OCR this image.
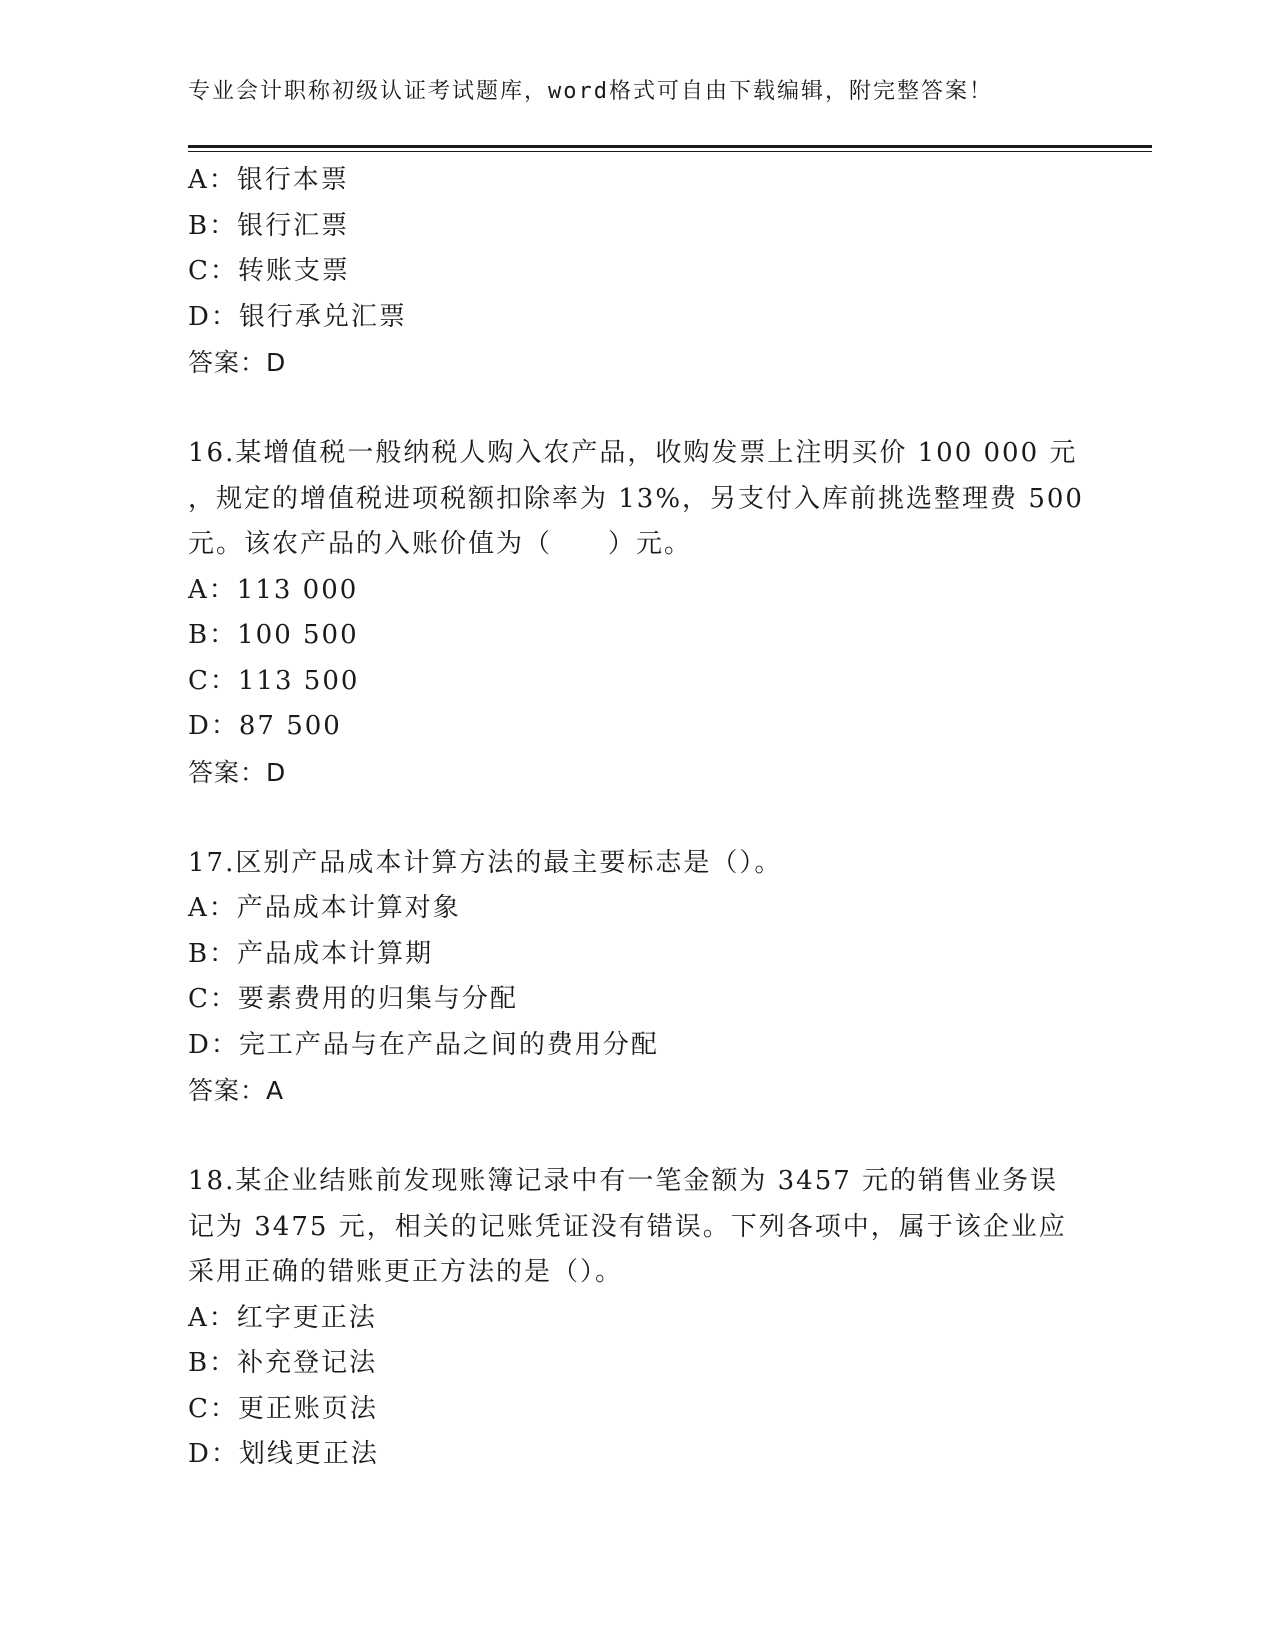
专业会计职称初级认证考试题库，word格式可自由下载编辑，附完整答案！
A：银行本票
B：银行汇票
C：转账支票
D：银行承兑汇票
答案：D
16.某增值税一般纳税人购入农产品，收购发票上注明买价 100 000 元
，规定的增值税进项税额扣除率为 13%，另支付入库前挑选整理费 500
元。该农产品的入账价值为（　　）元。
A：113 000
B：100 500
C：113 500
D：87 500
答案：D
17.区别产品成本计算方法的最主要标志是（）。
A：产品成本计算对象
B：产品成本计算期
C：要素费用的归集与分配
D：完工产品与在产品之间的费用分配
答案：A
18.某企业结账前发现账簿记录中有一笔金额为 3457 元的销售业务误
记为 3475 元，相关的记账凭证没有错误。下列各项中，属于该企业应
采用正确的错账更正方法的是（）。
A：红字更正法
B：补充登记法
C：更正账页法
D：划线更正法
